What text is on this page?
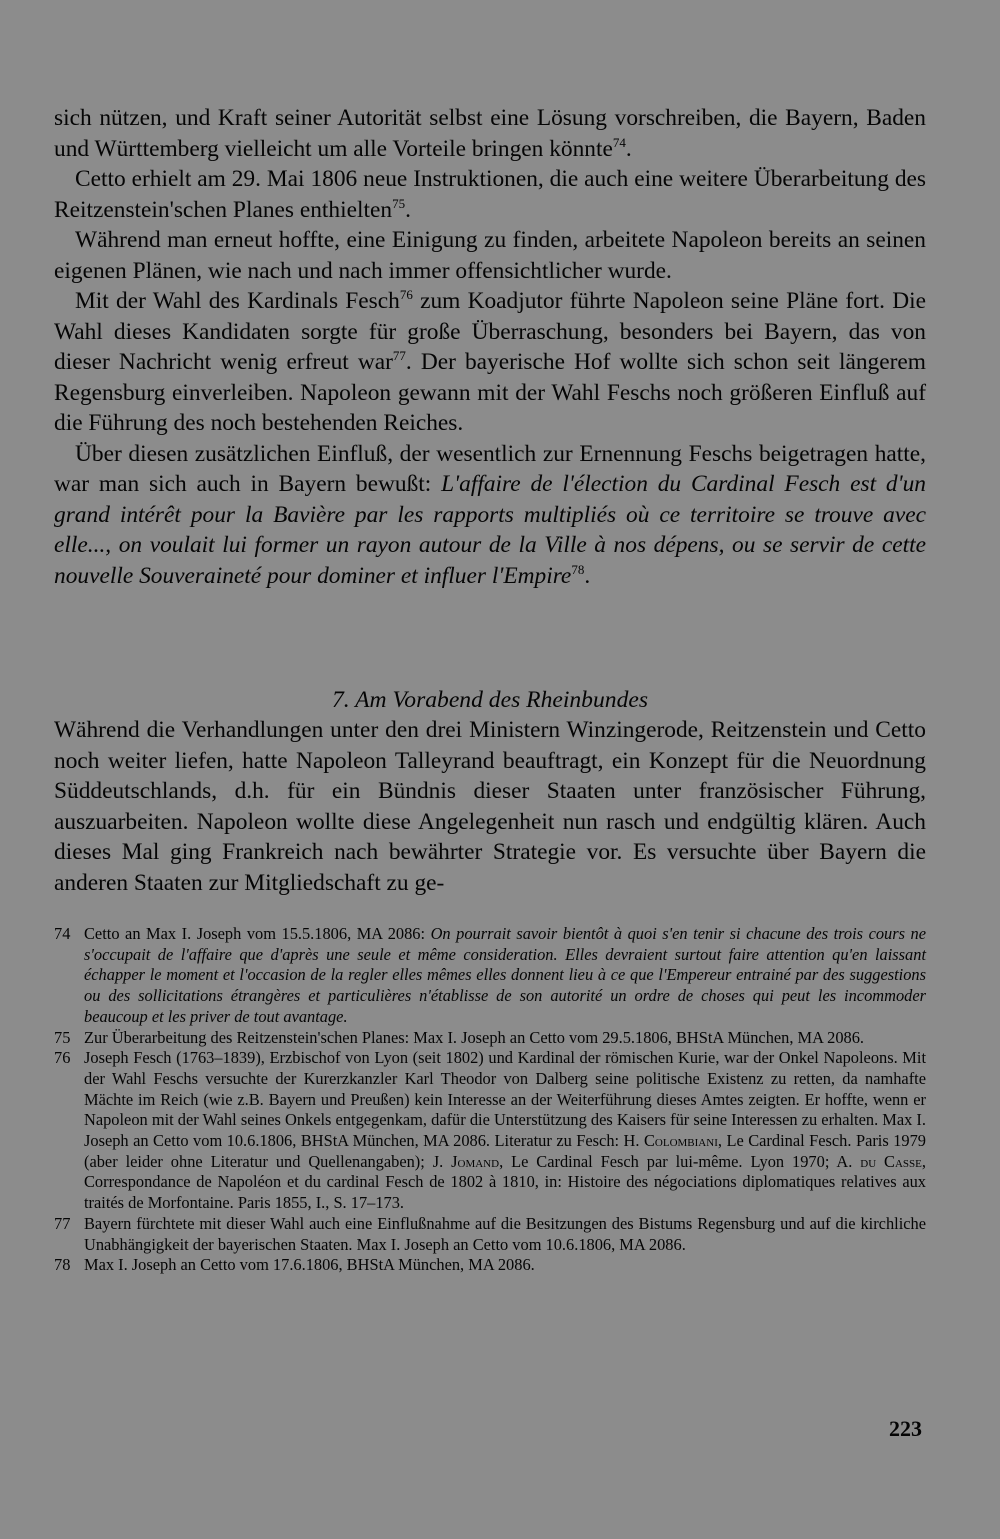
sich nützen, und Kraft seiner Autorität selbst eine Lösung vorschreiben, die Bayern, Baden und Württemberg vielleicht um alle Vorteile bringen könnte$^{74}$.

Cetto erhielt am 29. Mai 1806 neue Instruktionen, die auch eine weitere Überarbeitung des Reitzenstein'schen Planes enthielten$^{75}$.

Während man erneut hoffte, eine Einigung zu finden, arbeitete Napoleon bereits an seinen eigenen Plänen, wie nach und nach immer offensichtlicher wurde.

Mit der Wahl des Kardinals Fesch$^{76}$ zum Koadjutor führte Napoleon seine Pläne fort. Die Wahl dieses Kandidaten sorgte für große Überraschung, besonders bei Bayern, das von dieser Nachricht wenig erfreut war$^{77}$. Der bayerische Hof wollte sich schon seit längerem Regensburg einverleiben. Napoleon gewann mit der Wahl Feschs noch größeren Einfluß auf die Führung des noch bestehenden Reiches.

Über diesen zusätzlichen Einfluß, der wesentlich zur Ernennung Feschs beigetragen hatte, war man sich auch in Bayern bewußt: L'affaire de l'élection du Cardinal Fesch est d'un grand intérêt pour la Bavière par les rapports multipliés où ce territoire se trouve avec elle..., on voulait lui former un rayon autour de la Ville à nos dépens, ou se servir de cette nouvelle Souveraineté pour dominer et influer l'Empire$^{78}$.

7. Am Vorabend des Rheinbundes

Während die Verhandlungen unter den drei Ministern Winzingerode, Reitzenstein und Cetto noch weiter liefen, hatte Napoleon Talleyrand beauftragt, ein Konzept für die Neuordnung Süddeutschlands, d.h. für ein Bündnis dieser Staaten unter französischer Führung, auszuarbeiten. Napoleon wollte diese Angelegenheit nun rasch und endgültig klären. Auch dieses Mal ging Frankreich nach bewährter Strategie vor. Es versuchte über Bayern die anderen Staaten zur Mitgliedschaft zu ge-

74 Cetto an Max I. Joseph vom 15.5.1806, MA 2086: On pourrait savoir bientôt à quoi s'en tenir si chacune des trois cours ne s'occupait de l'affaire que d'après une seule et même consideration. Elles devraient surtout faire attention qu'en laissant échapper le moment et l'occasion de la regler elles mêmes elles donnent lieu à ce que l'Empereur entrainé par des suggestions ou des sollicitations étrangères et particulières n'établisse de son autorité un ordre de choses qui peut les incommoder beaucoup et les priver de tout avantage.
75 Zur Überarbeitung des Reitzenstein'schen Planes: Max I. Joseph an Cetto vom 29.5.1806, BHStA München, MA 2086.
76 Joseph Fesch (1763–1839), Erzbischof von Lyon (seit 1802) und Kardinal der römischen Kurie, war der Onkel Napoleons. Mit der Wahl Feschs versuchte der Kurerzkanzler Karl Theodor von Dalberg seine politische Existenz zu retten, da namhafte Mächte im Reich (wie z.B. Bayern und Preußen) kein Interesse an der Weiterführung dieses Amtes zeigten. Er hoffte, wenn er Napoleon mit der Wahl seines Onkels entgegenkam, dafür die Unterstützung des Kaisers für seine Interessen zu erhalten. Max I. Joseph an Cetto vom 10.6.1806, BHStA München, MA 2086. Literatur zu Fesch: H. Colombiani, Le Cardinal Fesch. Paris 1979 (aber leider ohne Literatur und Quellenangaben); J. Jomand, Le Cardinal Fesch par lui-même. Lyon 1970; A. du Casse, Correspondance de Napoléon et du cardinal Fesch de 1802 à 1810, in: Histoire des négociations diplomatiques relatives aux traités de Morfontaine. Paris 1855, I., S. 17–173.
77 Bayern fürchtete mit dieser Wahl auch eine Einflußnahme auf die Besitzungen des Bistums Regensburg und auf die kirchliche Unabhängigkeit der bayerischen Staaten. Max I. Joseph an Cetto vom 10.6.1806, MA 2086.
78 Max I. Joseph an Cetto vom 17.6.1806, BHStA München, MA 2086.
223
